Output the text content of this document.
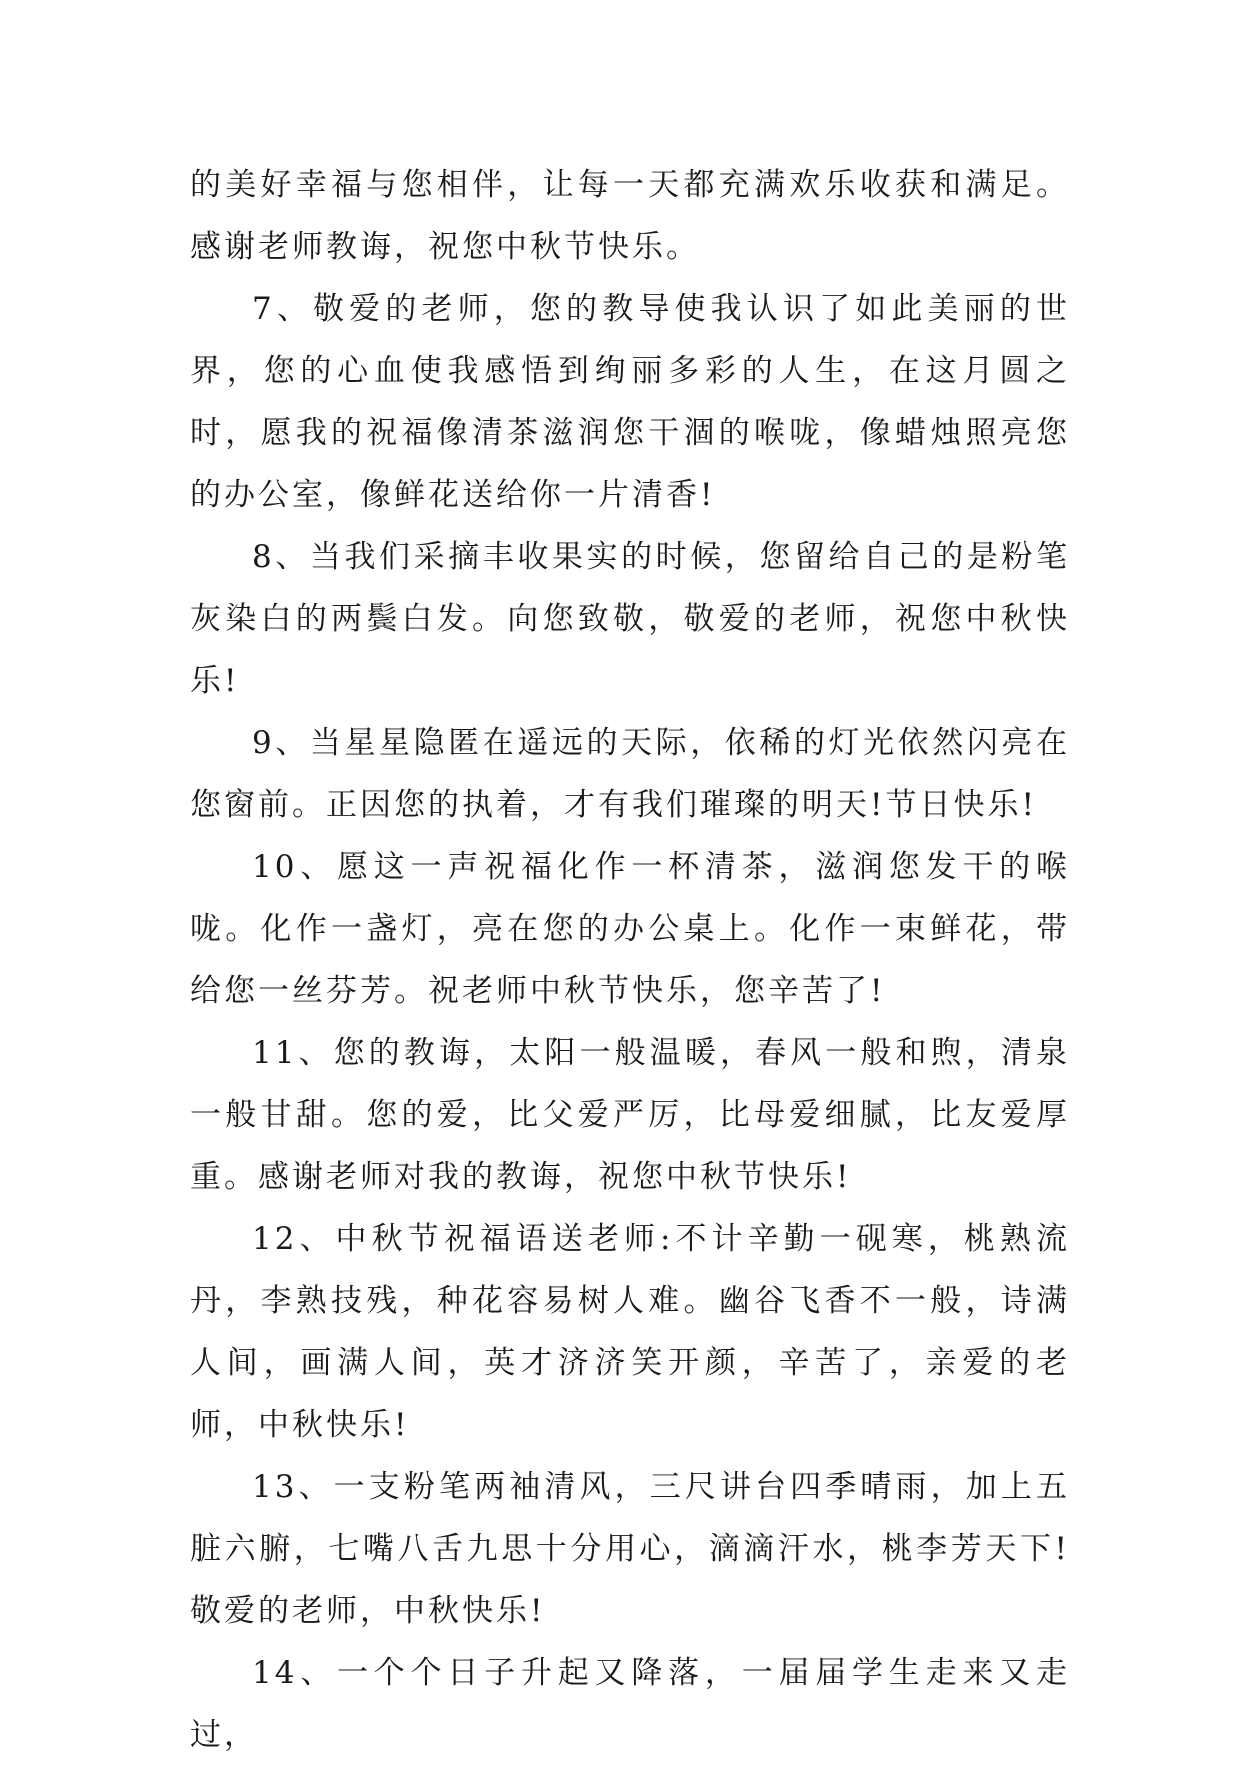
的美好幸福与您相伴，让每一天都充满欢乐收获和满足。感谢老师教诲，祝您中秋节快乐。

7、敬爱的老师，您的教导使我认识了如此美丽的世界，您的心血使我感悟到绚丽多彩的人生，在这月圆之时，愿我的祝福像清茶滋润您干涸的喉咙，像蜡烛照亮您的办公室，像鲜花送给你一片清香!

8、当我们采摘丰收果实的时候，您留给自己的是粉笔灰染白的两鬓白发。向您致敬，敬爱的老师，祝您中秋快乐!

9、当星星隐匿在遥远的天际，依稀的灯光依然闪亮在您窗前。正因您的执着，才有我们璀璨的明天!节日快乐!

10、愿这一声祝福化作一杯清茶，滋润您发干的喉咙。化作一盏灯，亮在您的办公桌上。化作一束鲜花，带给您一丝芬芳。祝老师中秋节快乐，您辛苦了!

11、您的教诲，太阳一般温暖，春风一般和煦，清泉一般甘甜。您的爱，比父爱严厉，比母爱细腻，比友爱厚重。感谢老师对我的教诲，祝您中秋节快乐!

12、中秋节祝福语送老师:不计辛勤一砚寒，桃熟流丹，李熟技残，种花容易树人难。幽谷飞香不一般，诗满人间，画满人间，英才济济笑开颜，辛苦了，亲爱的老师，中秋快乐!

13、一支粉笔两袖清风，三尺讲台四季晴雨，加上五脏六腑，七嘴八舌九思十分用心，滴滴汗水，桃李芳天下!敬爱的老师，中秋快乐!

14、一个个日子升起又降落，一届届学生走来又走过，
